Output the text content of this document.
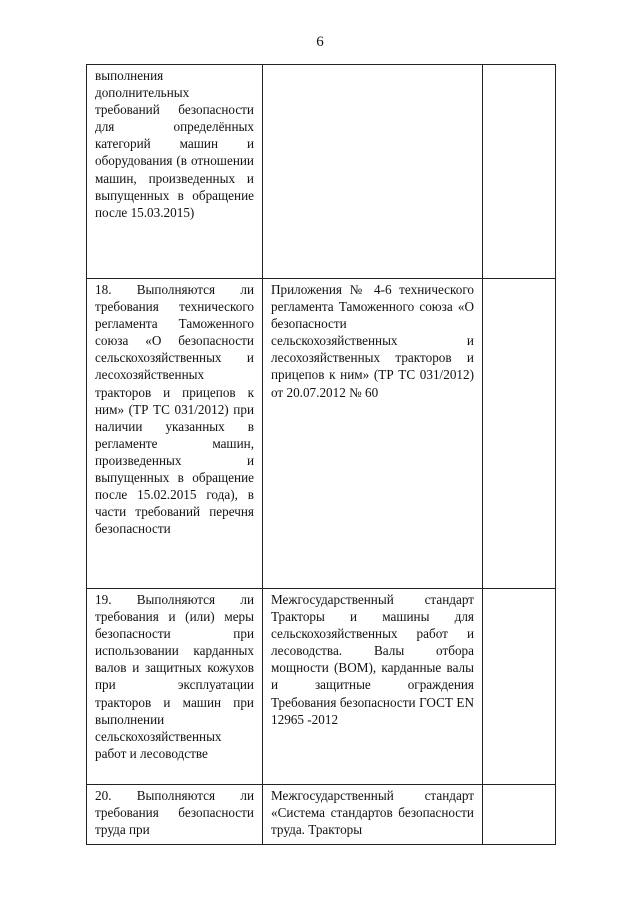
6
выполнения дополнительных требований безопасности для определённых категорий машин и оборудования (в отношении машин, произведенных и выпущенных в обращение после 15.03.2015)		

18. Выполняются ли требования технического регламента Таможенного союза «О безопасности сельскохозяйственных и лесохозяйственных тракторов и прицепов к ним» (ТР ТС 031/2012) при наличии указанных в регламенте машин, произведенных и выпущенных в обращение после 15.02.2015 года), в части требований перечня безопасности	Приложения № 4-6 технического регламента Таможенного союза «О безопасности сельскохозяйственных и лесохозяйственных тракторов и прицепов к ним» (ТР ТС 031/2012) от 20.07.2012 № 60	

19. Выполняются ли требования и (или) меры безопасности при использовании карданных валов и защитных кожухов при эксплуатации тракторов и машин при выполнении сельскохозяйственных работ и лесоводстве	Межгосударственный стандарт Тракторы и машины для сельскохозяйственных работ и лесоводства. Валы отбора мощности (ВОМ), карданные валы и защитные ограждения Требования безопасности ГОСТ EN 12965 -2012	

20. Выполняются ли требования безопасности труда при	Межгосударственный стандарт «Система стандартов безопасности труда. Тракторы	
